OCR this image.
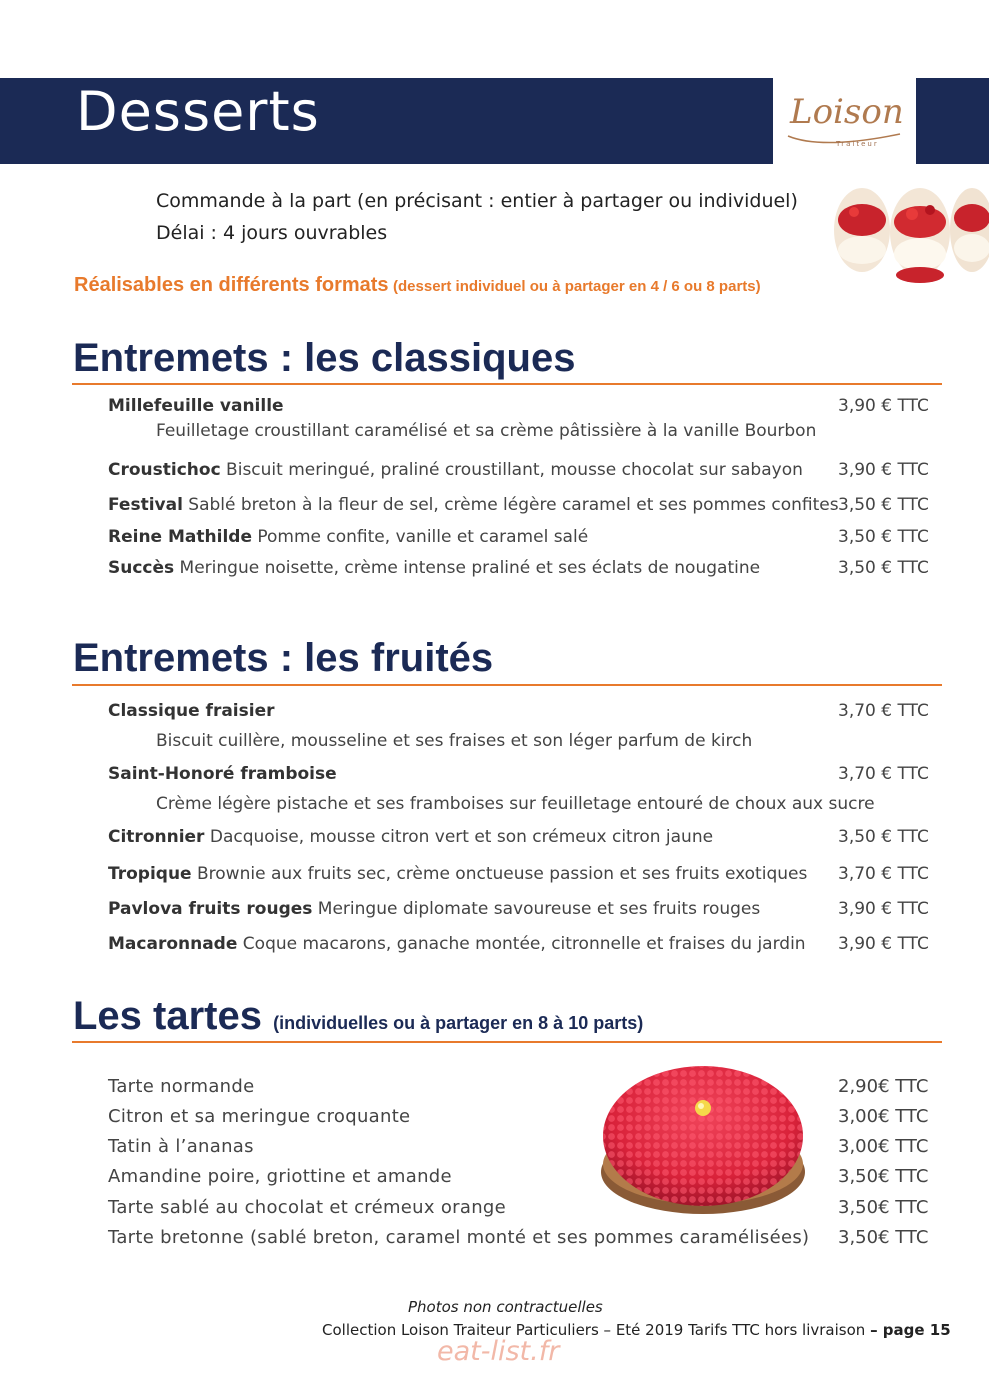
Desserts	Loison
Traiteur
Commande à la part (en précisant : entier à partager ou individuel)
Délai : 4 jours ouvrables
Réalisables en différents formats (dessert individuel ou à partager en 4 / 6 ou 8 parts)
Entremets : les classiques
Millefeuille vanille	3,90 € TTC
Feuilletage croustillant caramélisé et sa crème pâtissière à la vanille Bourbon
Croustichoc Biscuit meringué, praliné croustillant, mousse chocolat sur sabayon	3,90 € TTC
Festival Sablé breton à la fleur de sel, crème légère caramel et ses pommes confites 3,50 € TTC
Reine Mathilde Pomme confite, vanille et caramel salé	3,50 € TTC
Succès Meringue noisette, crème intense praliné et ses éclats de nougatine	3,50 € TTC
Entremets : les fruités
Classique fraisier	3,70 € TTC
Biscuit cuillère, mousseline et ses fraises et son léger parfum de kirch
Saint-Honoré framboise	3,70 € TTC
Crème légère pistache et ses framboises sur feuilletage entouré de choux aux sucre
Citronnier Dacquoise, mousse citron vert et son crémeux citron jaune	3,50 € TTC
Tropique Brownie aux fruits sec, crème onctueuse passion et ses fruits exotiques	3,70 € TTC
Pavlova fruits rouges Meringue diplomate savoureuse et ses fruits rouges	3,90 € TTC
Macaronnade Coque macarons, ganache montée, citronnelle et fraises du jardin	3,90 € TTC
Les tartes (individuelles ou à partager en 8 à 10 parts)
Tarte normande	2,90€ TTC
Citron et sa meringue croquante	3,00€ TTC
Tatin à l’ananas	3,00€ TTC
Amandine poire, griottine et amande	3,50€ TTC
Tarte sablé au chocolat et crémeux orange	3,50€ TTC
Tarte bretonne (sablé breton, caramel monté et ses pommes caramélisées) 3,50€ TTC
Photos non contractuelles
Collection Loison Traiteur Particuliers – Eté 2019 Tarifs TTC hors livraison – page 15
eat-list.fr
